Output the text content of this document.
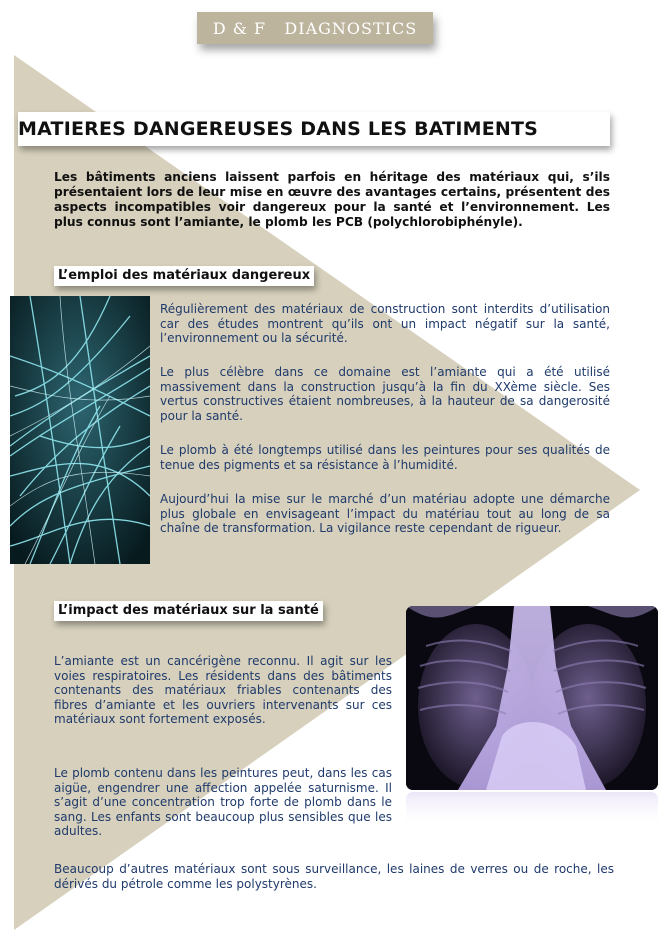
D & F   DIAGNOSTICS
MATIERES DANGEREUSES DANS LES BATIMENTS

Les bâtiments anciens laissent parfois en héritage des matériaux qui, s’ils présentaient lors de leur mise en œuvre des avantages certains, présentent des aspects incompatibles voir dangereux pour la santé et l’environnement. Les plus connus sont l’amiante, le plomb les PCB (polychlorobiphényle).

L’emploi des matériaux dangereux

Régulièrement des matériaux de construction sont interdits d’utilisation car des études montrent qu’ils ont un impact négatif sur la santé, l’environnement ou la sécurité.

Le plus célèbre dans ce domaine est l’amiante qui a été utilisé massivement dans la construction jusqu’à la fin du XXème siècle. Ses vertus constructives étaient nombreuses, à la hauteur de sa dangerosité pour la santé.

Le plomb à été longtemps utilisé dans les peintures pour ses qualités de tenue des pigments et sa résistance à l’humidité.

Aujourd’hui la mise sur le marché d’un matériau adopte une démarche plus globale en envisageant l’impact du matériau tout au long de sa chaîne de transformation. La vigilance reste cependant de rigueur.

L’impact des matériaux sur la santé

L’amiante est un cancérigène reconnu. Il agit sur les voies respiratoires. Les résidents dans des bâtiments contenants des matériaux friables contenants des fibres d’amiante et les ouvriers intervenants sur ces matériaux sont fortement exposés.

Le plomb contenu dans les peintures peut, dans les cas aigüe, engendrer une affection appelée saturnisme. Il s’agit d’une concentration trop forte de plomb dans le sang. Les enfants sont beaucoup plus sensibles que les adultes.

Beaucoup d’autres matériaux sont sous surveillance, les laines de verres ou de roche, les dérivés du pétrole comme les polystyrènes.
